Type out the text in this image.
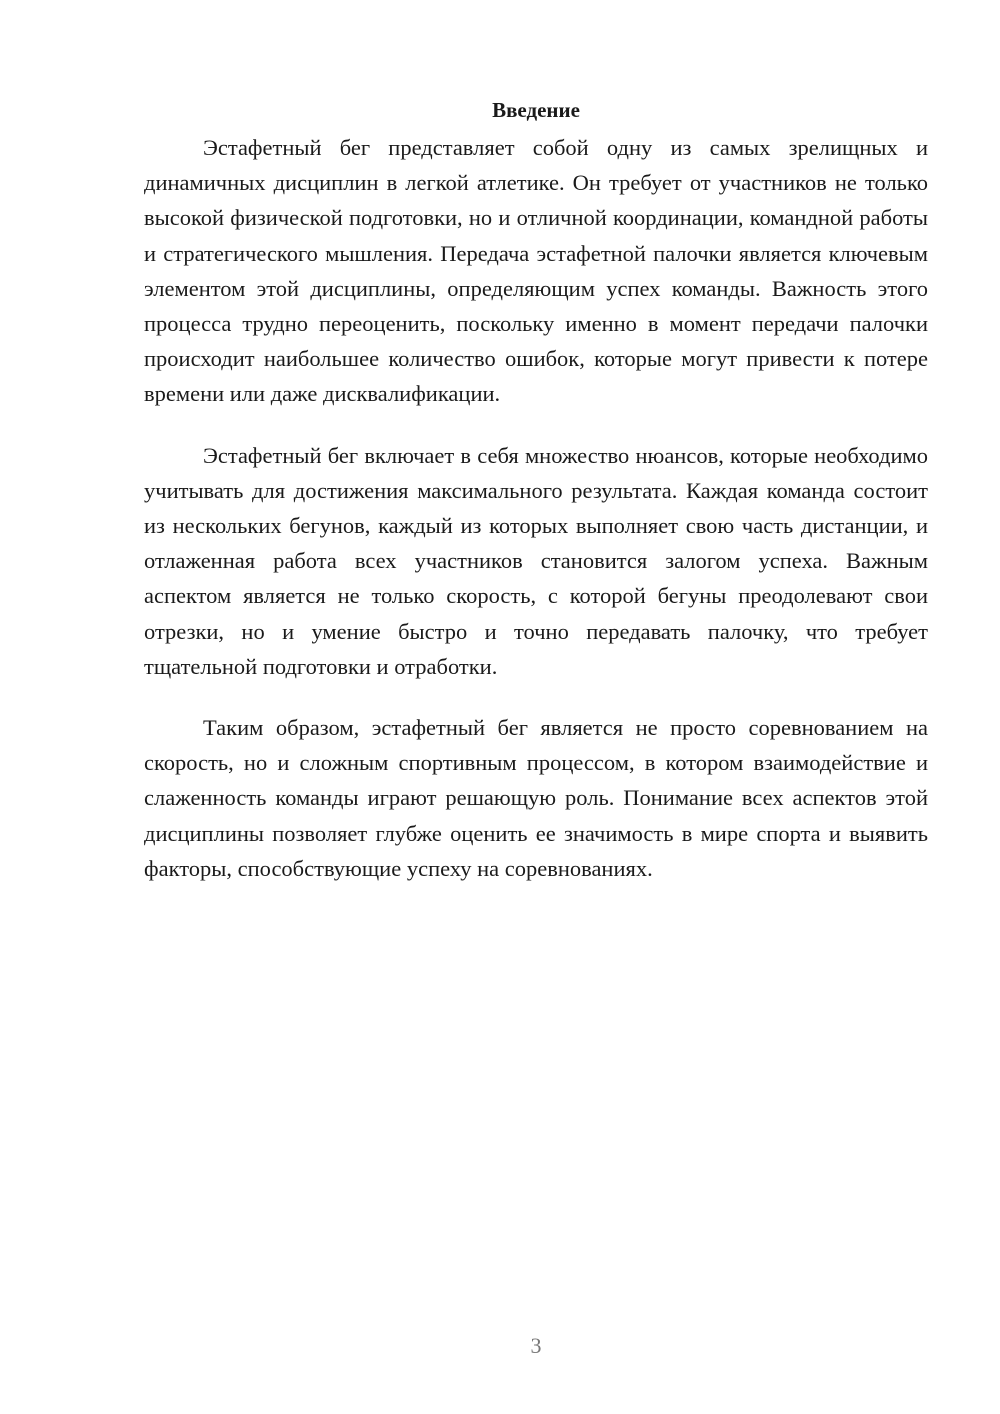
Введение

Эстафетный бег представляет собой одну из самых зрелищных и динамичных дисциплин в легкой атлетике. Он требует от участников не только высокой физической подготовки, но и отличной координации, командной работы и стратегического мышления. Передача эстафетной палочки является ключевым элементом этой дисциплины, определяющим успех команды. Важность этого процесса трудно переоценить, поскольку именно в момент передачи палочки происходит наибольшее количество ошибок, которые могут привести к потере времени или даже дисквалификации.

Эстафетный бег включает в себя множество нюансов, которые необходимо учитывать для достижения максимального результата. Каждая команда состоит из нескольких бегунов, каждый из которых выполняет свою часть дистанции, и отлаженная работа всех участников становится залогом успеха. Важным аспектом является не только скорость, с которой бегуны преодолевают свои отрезки, но и умение быстро и точно передавать палочку, что требует тщательной подготовки и отработки.

Таким образом, эстафетный бег является не просто соревнованием на скорость, но и сложным спортивным процессом, в котором взаимодействие и слаженность команды играют решающую роль. Понимание всех аспектов этой дисциплины позволяет глубже оценить ее значимость в мире спорта и выявить факторы, способствующие успеху на соревнованиях.

3
